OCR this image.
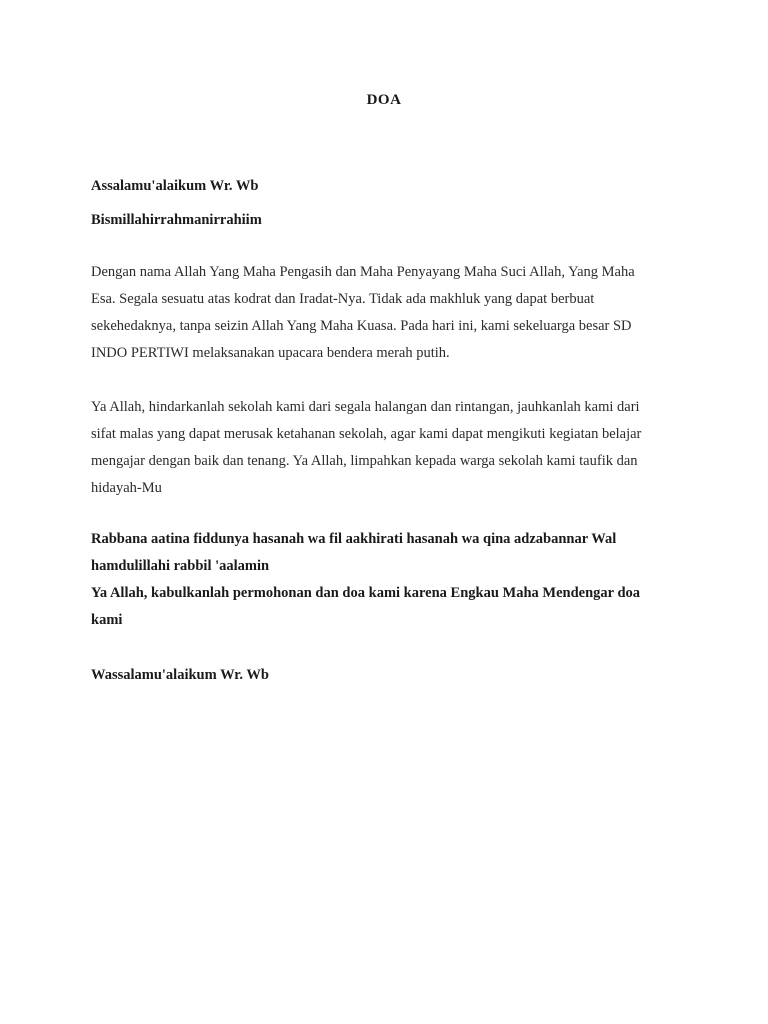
DOA

Assalamu'alaikum Wr. Wb

Bismillahirrahmanirrahiim

Dengan nama Allah Yang Maha Pengasih dan Maha Penyayang Maha Suci Allah, Yang Maha
Esa. Segala sesuatu atas kodrat dan Iradat-Nya. Tidak ada makhluk yang dapat berbuat
sekehedaknya, tanpa seizin Allah Yang Maha Kuasa. Pada hari ini, kami sekeluarga besar SD
INDO PERTIWI melaksanakan upacara bendera merah putih.

Ya Allah, hindarkanlah sekolah kami dari segala halangan dan rintangan, jauhkanlah kami dari
sifat malas yang dapat merusak ketahanan sekolah, agar kami dapat mengikuti kegiatan belajar
mengajar dengan baik dan tenang. Ya Allah, limpahkan kepada warga sekolah kami taufik dan
hidayah-Mu

Rabbana aatina fiddunya hasanah wa fil aakhirati hasanah wa qina adzabannar Wal
hamdulillahi rabbil 'aalamin
Ya Allah, kabulkanlah permohonan dan doa kami karena Engkau Maha Mendengar doa
kami

Wassalamu'alaikum Wr. Wb
